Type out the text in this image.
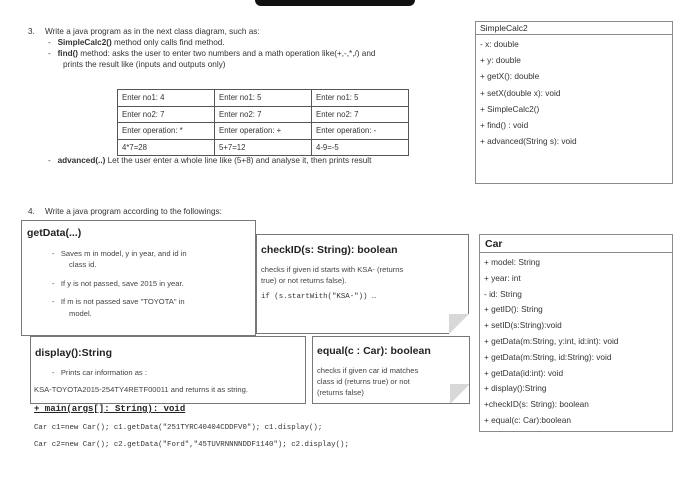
3. Write a java program as in the next class diagram, such as:
-   SimpleCalc2() method only calls find method.
-   find() method: asks the user to enter two numbers and a math operation like(+,-,*,/) and
prints the result like (inputs and outputs only)
Enter no1: 4	Enter no1: 5	Enter no1: 5
Enter no2: 7	Enter no2: 7	Enter no2: 7
Enter operation: *	Enter operation: +	Enter operation: -
4*7=28	5+7=12	4-9=-5
-   advanced(..) Let the user enter a whole line like (5+8) and analyse it, then prints result
SimpleCalc2
- x: double
+ y: double
+ getX(): double
+ setX(double x): void
+ SimpleCalc2()
+ find() : void
+ advanced(String s): void
4. Write a java program according to the followings:
getData(...)
-   Saves m in model, y in year, and id in
class id.
-   If y is not passed, save 2015 in year.
-   If m is not passed save "TOYOTA" in
model.
checkID(s: String): boolean
checks if given id starts with KSA- (returns
true) or not returns false).
if (s.startWith("KSA-")) …
display():String
-   Prints car information as :
KSA-TOYOTA2015-254TY4RETF00011 and returns it as string.
equal(c : Car): boolean
checks if given car id matches
class id (returns true) or not
(returns false)
+ main(args[]: String): void
Car c1=new Car(); c1.getData("251TYRC40404CDDFV0"); c1.display();
Car c2=new Car(); c2.getData("Ford","45TUVRNNNNDDF1140"); c2.display();
Car
+ model: String
+ year: int
- id: String
+ getID(): String
+ setID(s:String):void
+ getData(m:String, y:int, id:int): void
+ getData(m:String, id:String): void
+ getData(id:int): void
+ display():String
+checkID(s: String): boolean
+ equal(c: Car):boolean
